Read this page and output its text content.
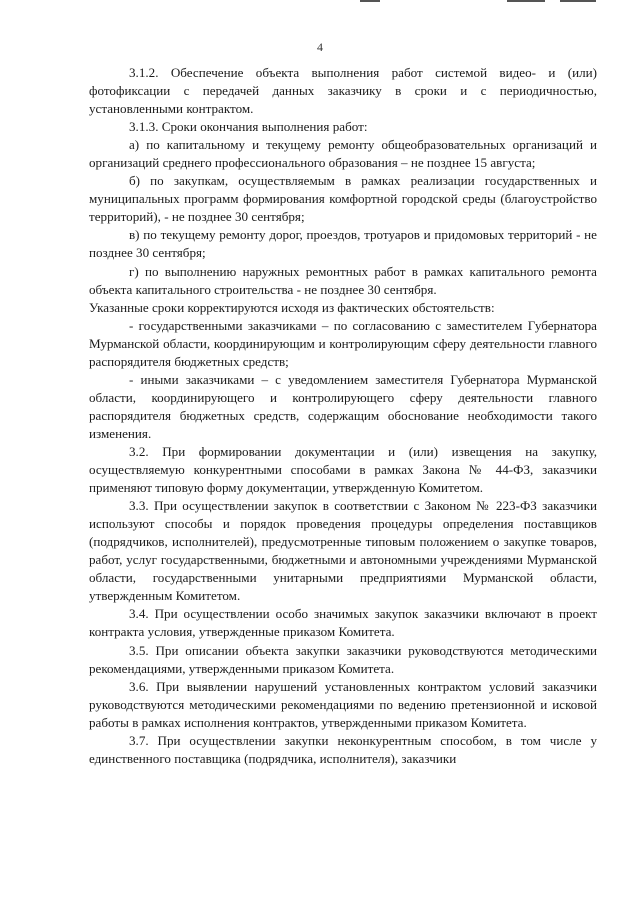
4

3.1.2. Обеспечение объекта выполнения работ системой видео- и (или) фотофиксации с передачей данных заказчику в сроки и с периодичностью, установленными контрактом.

3.1.3. Сроки окончания выполнения работ:

а) по капитальному и текущему ремонту общеобразовательных организаций и организаций среднего профессионального образования – не позднее 15 августа;

б) по закупкам, осуществляемым в рамках реализации государственных и муниципальных программ формирования комфортной городской среды (благоустройство территорий), - не позднее 30 сентября;

в) по текущему ремонту дорог, проездов, тротуаров и придомовых территорий - не позднее 30 сентября;

г) по выполнению наружных ремонтных работ в рамках капитального ремонта объекта капитального строительства - не позднее 30 сентября.

Указанные сроки корректируются исходя из фактических обстоятельств:

- государственными заказчиками – по согласованию с заместителем Губернатора Мурманской области, координирующим и контролирующим сферу деятельности главного распорядителя бюджетных средств;

- иными заказчиками – с уведомлением заместителя Губернатора Мурманской области, координирующего и контролирующего сферу деятельности главного распорядителя бюджетных средств, содержащим обоснование необходимости такого изменения.

3.2. При формировании документации и (или) извещения на закупку, осуществляемую конкурентными способами в рамках Закона № 44-ФЗ, заказчики применяют типовую форму документации, утвержденную Комитетом.

3.3. При осуществлении закупок в соответствии с Законом № 223-ФЗ заказчики используют способы и порядок проведения процедуры определения поставщиков (подрядчиков, исполнителей), предусмотренные типовым положением о закупке товаров, работ, услуг государственными, бюджетными и автономными учреждениями Мурманской области, государственными унитарными предприятиями Мурманской области, утвержденным Комитетом.

3.4. При осуществлении особо значимых закупок заказчики включают в проект контракта условия, утвержденные приказом Комитета.

3.5. При описании объекта закупки заказчики руководствуются методическими рекомендациями, утвержденными приказом Комитета.

3.6. При выявлении нарушений установленных контрактом условий заказчики руководствуются методическими рекомендациями по ведению претензионной и исковой работы в рамках исполнения контрактов, утвержденными приказом Комитета.

3.7. При осуществлении закупки неконкурентным способом, в том числе у единственного поставщика (подрядчика, исполнителя), заказчики
